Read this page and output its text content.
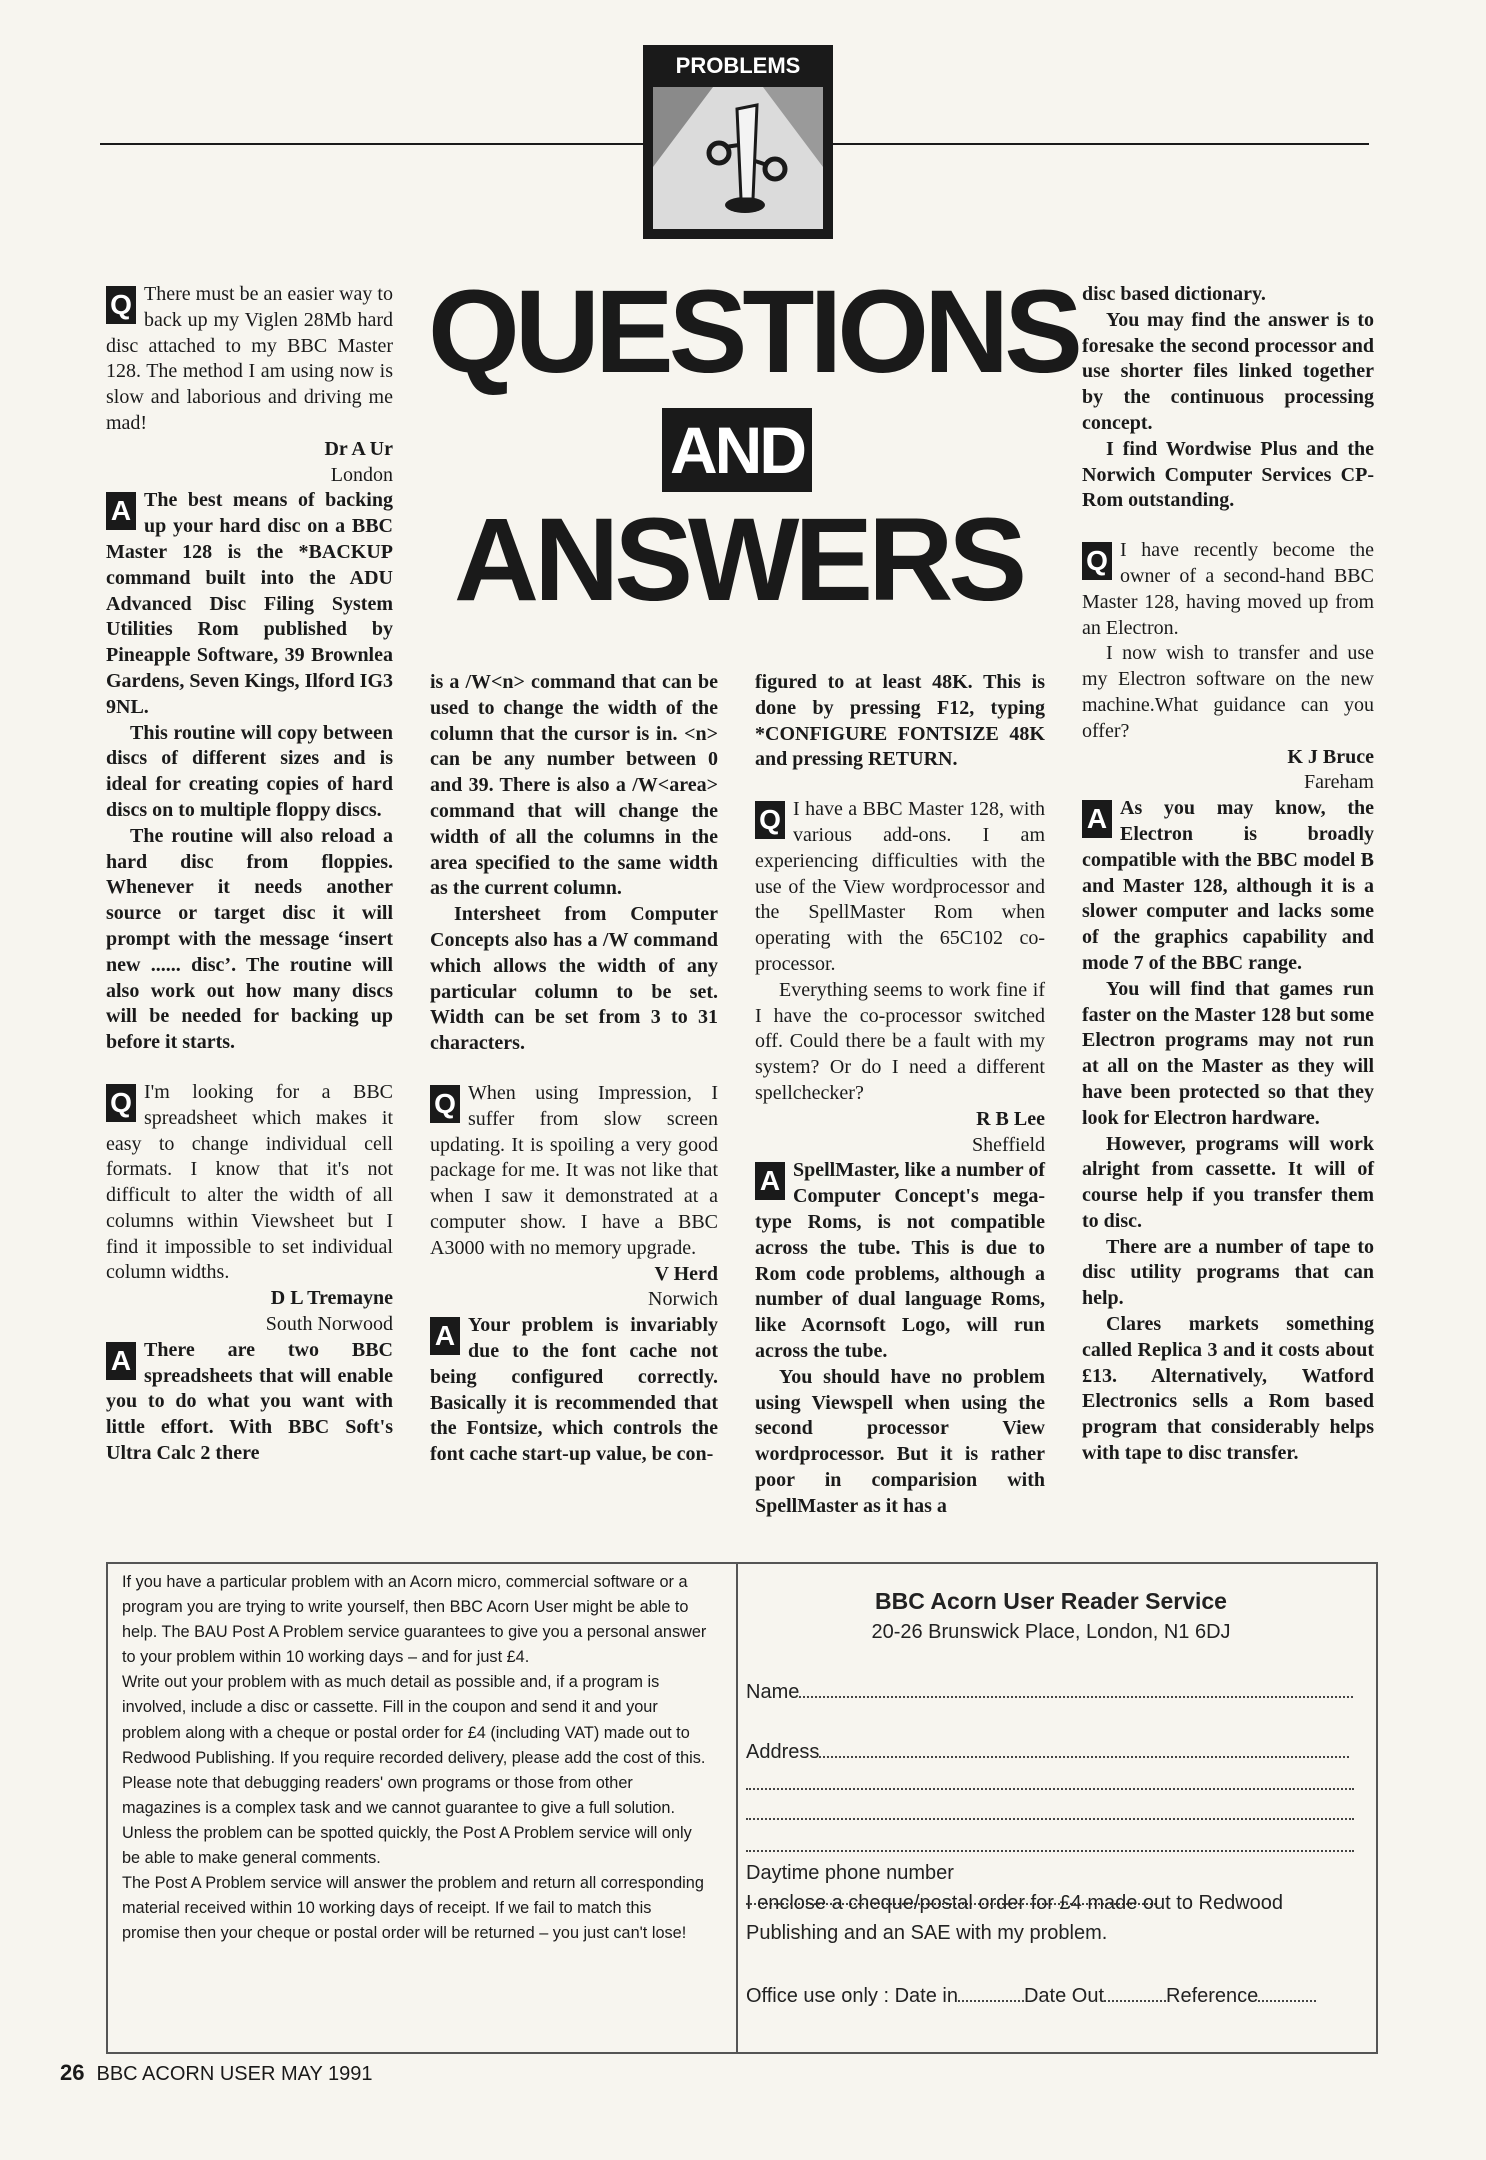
PROBLEMS
QUESTIONS
AND
ANSWERS

Q There must be an easier way to back up my Viglen 28Mb hard disc attached to my BBC Master 128. The method I am using now is slow and laborious and driving me mad!

Dr A Ur

London

A The best means of backing up your hard disc on a BBC Master 128 is the *BACKUP command built into the ADU Advanced Disc Filing System Utilities Rom published by Pineapple Software, 39 Brownlea Gardens, Seven Kings, Ilford IG3 9NL.

This routine will copy between discs of different sizes and is ideal for creating copies of hard discs on to multiple floppy discs.

The routine will also reload a hard disc from floppies. Whenever it needs another source or target disc it will prompt with the message ‘insert new ...... disc’. The routine will also work out how many discs will be needed for backing up before it starts.

Q I'm looking for a BBC spreadsheet which makes it easy to change individual cell formats. I know that it's not difficult to alter the width of all columns within Viewsheet but I find it impossible to set individual column widths.

D L Tremayne

South Norwood

A There are two BBC spreadsheets that will enable you to do what you want with little effort. With BBC Soft's Ultra Calc 2 there

is a /W<n> command that can be used to change the width of the column that the cursor is in. <n> can be any number between 0 and 39. There is also a /W<area> command that will change the width of all the columns in the area specified to the same width as the current column.

Intersheet from Computer Concepts also has a /W command which allows the width of any particular column to be set. Width can be set from 3 to 31 characters.

Q When using Impression, I suffer from slow screen updating. It is spoiling a very good package for me. It was not like that when I saw it demonstrated at a computer show. I have a BBC A3000 with no memory upgrade.

V Herd

Norwich

A Your problem is invariably due to the font cache not being configured correctly. Basically it is recommended that the Fontsize, which controls the font cache start-up value, be con-

figured to at least 48K. This is done by pressing F12, typing *CONFIGURE FONTSIZE 48K and pressing RETURN.

Q I have a BBC Master 128, with various add-ons. I am experiencing difficulties with the use of the View wordprocessor and the SpellMaster Rom when operating with the 65C102 co-processor.

Everything seems to work fine if I have the co-processor switched off. Could there be a fault with my system? Or do I need a different spellchecker?

R B Lee

Sheffield

A SpellMaster, like a number of Computer Concept's mega-type Roms, is not compatible across the tube. This is due to Rom code problems, although a number of dual language Roms, like Acornsoft Logo, will run across the tube.

You should have no problem using Viewspell when using the second processor View wordprocessor. But it is rather poor in comparision with SpellMaster as it has a

disc based dictionary.

You may find the answer is to foresake the second processor and use shorter files linked together by the continuous processing concept.

I find Wordwise Plus and the Norwich Computer Services CP-Rom outstanding.

Q I have recently become the owner of a second-hand BBC Master 128, having moved up from an Electron.

I now wish to transfer and use my Electron software on the new machine.What guidance can you offer?

K J Bruce

Fareham

A As you may know, the Electron is broadly compatible with the BBC model B and Master 128, although it is a slower computer and lacks some of the graphics capability and mode 7 of the BBC range.

You will find that games run faster on the Master 128 but some Electron programs may not run at all on the Master as they will have been protected so that they look for Electron hardware.

However, programs will work alright from cassette. It will of course help if you transfer them to disc.

There are a number of tape to disc utility programs that can help.

Clares markets something called Replica 3 and it costs about £13. Alternatively, Watford Electronics sells a Rom based program that considerably helps with tape to disc transfer.

If you have a particular problem with an Acorn micro, commercial software or a program you are trying to write yourself, then BBC Acorn User might be able to help. The BAU Post A Problem service guarantees to give you a personal answer to your problem within 10 working days – and for just £4.

Write out your problem with as much detail as possible and, if a program is involved, include a disc or cassette. Fill in the coupon and send it and your problem along with a cheque or postal order for £4 (including VAT) made out to Redwood Publishing. If you require recorded delivery, please add the cost of this.

Please note that debugging readers' own programs or those from other magazines is a complex task and we cannot guarantee to give a full solution. Unless the problem can be spotted quickly, the Post A Problem service will only be able to make general comments.

The Post A Problem service will answer the problem and return all corresponding material received within 10 working days of receipt. If we fail to match this promise then your cheque or postal order will be returned – you just can't lose!

BBC Acorn User Reader Service
20-26 Brunswick Place, London, N1 6DJ
Name
Address
Daytime phone number
I enclose a cheque/postal order for £4 made out to Redwood
Publishing and an SAE with my problem.
Office use only : Date in	Date Out	Reference
26 BBC ACORN USER MAY 1991
